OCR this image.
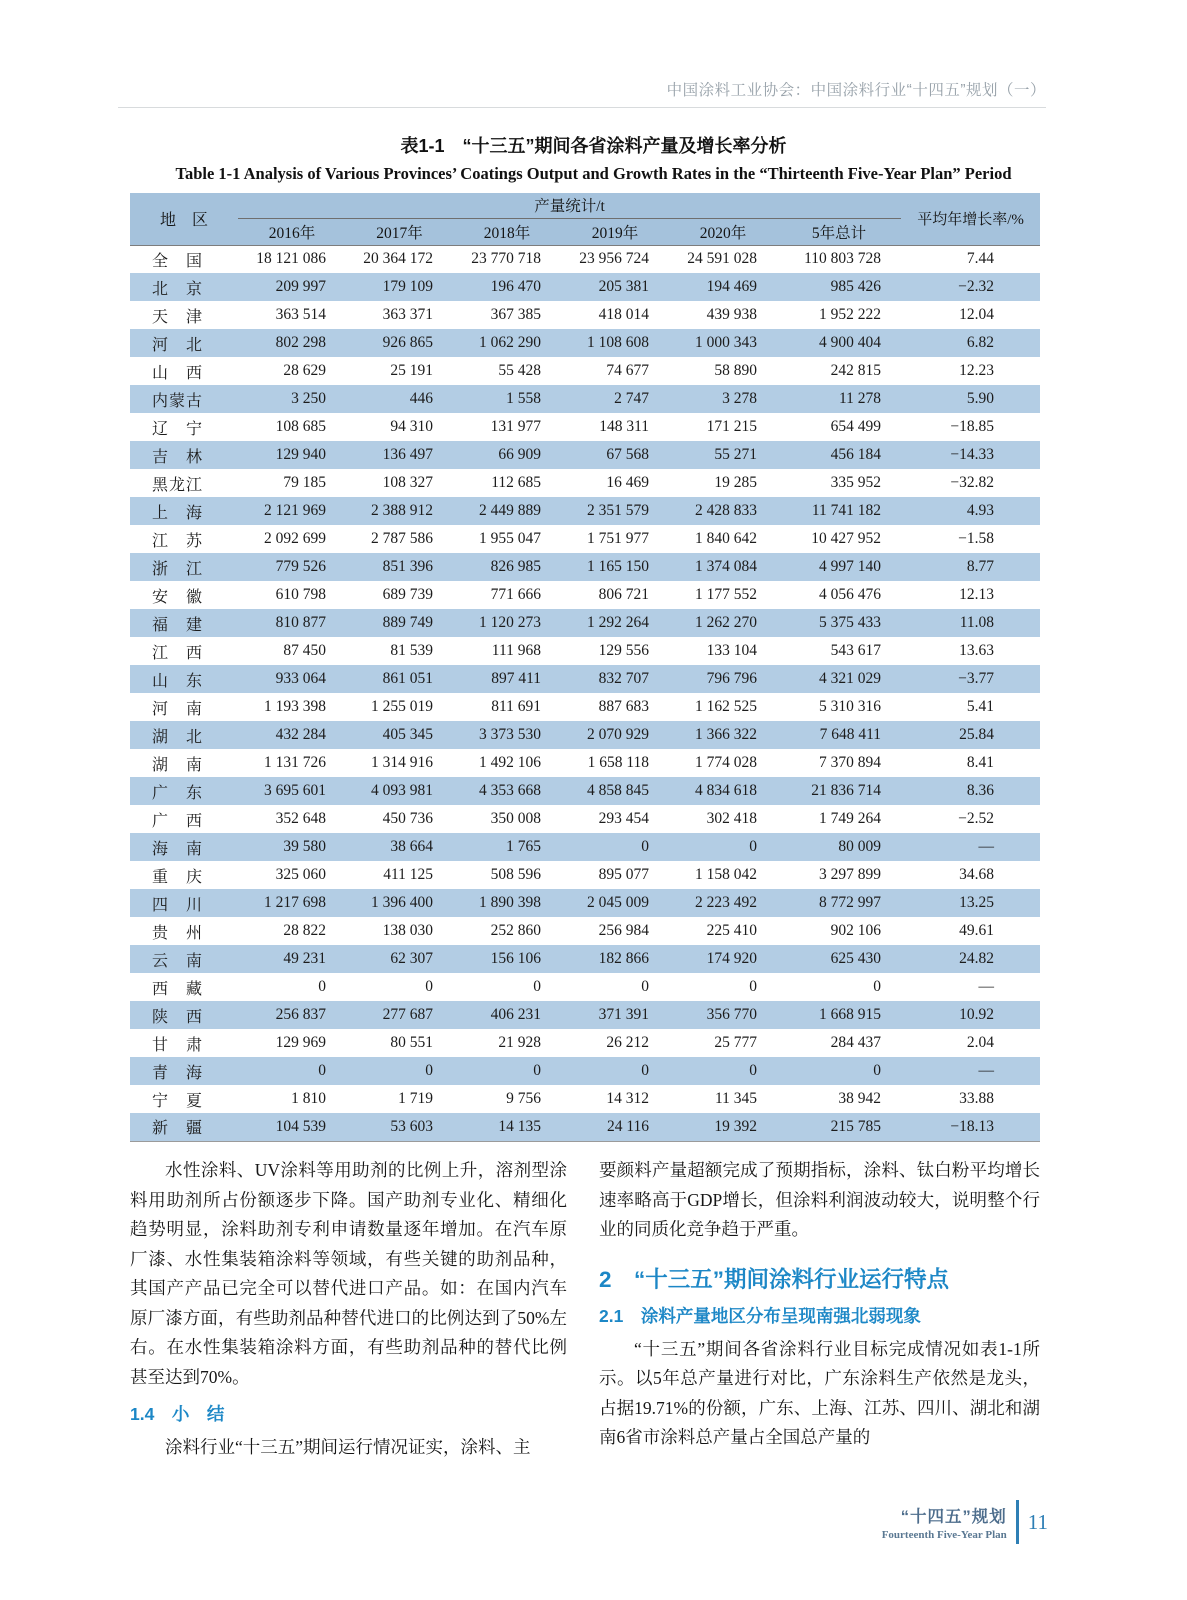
中国涂料工业协会：中国涂料行业“十四五”规划（一）
表1-1　“十三五”期间各省涂料产量及增长率分析
Table 1-1 Analysis of Various Provinces’ Coatings Output and Growth Rates in the “Thirteenth Five-Year Plan” Period
地　区	产量统计/t						平均年增长率/%
	2016年	2017年	2018年	2019年	2020年	5年总计	
全　国	18 121 086	20 364 172	23 770 718	23 956 724	24 591 028	110 803 728	7.44
北　京	209 997	179 109	196 470	205 381	194 469	985 426	−2.32
天　津	363 514	363 371	367 385	418 014	439 938	1 952 222	12.04
河　北	802 298	926 865	1 062 290	1 108 608	1 000 343	4 900 404	6.82
山　西	28 629	25 191	55 428	74 677	58 890	242 815	12.23
内蒙古	3 250	446	1 558	2 747	3 278	11 278	5.90
辽　宁	108 685	94 310	131 977	148 311	171 215	654 499	−18.85
吉　林	129 940	136 497	66 909	67 568	55 271	456 184	−14.33
黑龙江	79 185	108 327	112 685	16 469	19 285	335 952	−32.82
上　海	2 121 969	2 388 912	2 449 889	2 351 579	2 428 833	11 741 182	4.93
江　苏	2 092 699	2 787 586	1 955 047	1 751 977	1 840 642	10 427 952	−1.58
浙　江	779 526	851 396	826 985	1 165 150	1 374 084	4 997 140	8.77
安　徽	610 798	689 739	771 666	806 721	1 177 552	4 056 476	12.13
福　建	810 877	889 749	1 120 273	1 292 264	1 262 270	5 375 433	11.08
江　西	87 450	81 539	111 968	129 556	133 104	543 617	13.63
山　东	933 064	861 051	897 411	832 707	796 796	4 321 029	−3.77
河　南	1 193 398	1 255 019	811 691	887 683	1 162 525	5 310 316	5.41
湖　北	432 284	405 345	3 373 530	2 070 929	1 366 322	7 648 411	25.84
湖　南	1 131 726	1 314 916	1 492 106	1 658 118	1 774 028	7 370 894	8.41
广　东	3 695 601	4 093 981	4 353 668	4 858 845	4 834 618	21 836 714	8.36
广　西	352 648	450 736	350 008	293 454	302 418	1 749 264	−2.52
海　南	39 580	38 664	1 765	0	0	80 009	—
重　庆	325 060	411 125	508 596	895 077	1 158 042	3 297 899	34.68
四　川	1 217 698	1 396 400	1 890 398	2 045 009	2 223 492	8 772 997	13.25
贵　州	28 822	138 030	252 860	256 984	225 410	902 106	49.61
云　南	49 231	62 307	156 106	182 866	174 920	625 430	24.82
西　藏	0	0	0	0	0	0	—
陕　西	256 837	277 687	406 231	371 391	356 770	1 668 915	10.92
甘　肃	129 969	80 551	21 928	26 212	25 777	284 437	2.04
青　海	0	0	0	0	0	0	—
宁　夏	1 810	1 719	9 756	14 312	11 345	38 942	33.88
新　疆	104 539	53 603	14 135	24 116	19 392	215 785	−18.13

水性涂料、UV涂料等用助剂的比例上升，溶剂型涂料用助剂所占份额逐步下降。国产助剂专业化、精细化趋势明显，涂料助剂专利申请数量逐年增加。在汽车原厂漆、水性集装箱涂料等领域，有些关键的助剂品种，其国产产品已完全可以替代进口产品。如：在国内汽车原厂漆方面，有些助剂品种替代进口的比例达到了50%左右。在水性集装箱涂料方面，有些助剂品种的替代比例甚至达到70%。

1.4　小　结

涂料行业“十三五”期间运行情况证实，涂料、主

要颜料产量超额完成了预期指标，涂料、钛白粉平均增长速率略高于GDP增长，但涂料利润波动较大，说明整个行业的同质化竞争趋于严重。

2　“十三五”期间涂料行业运行特点
2.1　涂料产量地区分布呈现南强北弱现象

“十三五”期间各省涂料行业目标完成情况如表1-1所示。以5年总产量进行对比，广东涂料生产依然是龙头，占据19.71%的份额，广东、上海、江苏、四川、湖北和湖南6省市涂料总产量占全国总产量的

“十四五”规划
Fourteenth Five-Year Plan
11
